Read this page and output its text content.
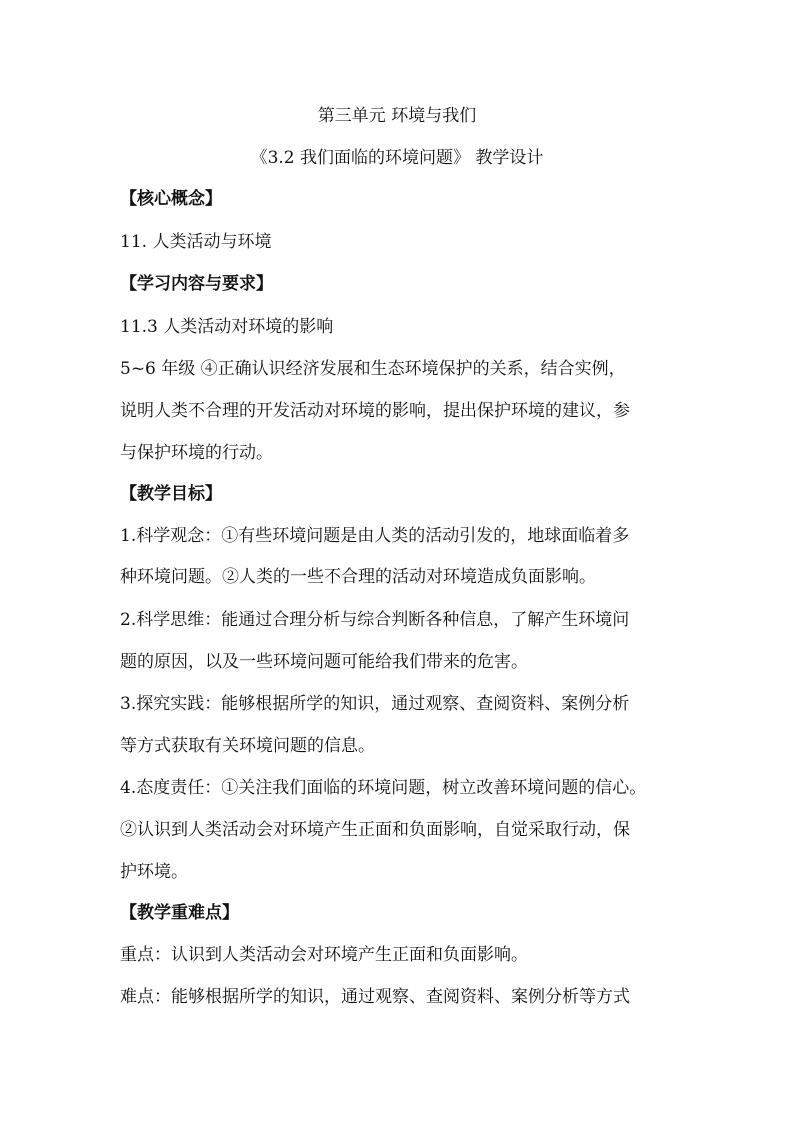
第三单元 环境与我们
《3.2 我们面临的环境问题》 教学设计
【核心概念】
11. 人类活动与环境
【学习内容与要求】
11.3 人类活动对环境的影响
5~6 年级 ④正确认识经济发展和生态环境保护的关系，结合实例，
说明人类不合理的开发活动对环境的影响，提出保护环境的建议，参
与保护环境的行动。
【教学目标】
1.科学观念：①有些环境问题是由人类的活动引发的，地球面临着多
种环境问题。②人类的一些不合理的活动对环境造成负面影响。
2.科学思维：能通过合理分析与综合判断各种信息，了解产生环境问
题的原因，以及一些环境问题可能给我们带来的危害。
3.探究实践：能够根据所学的知识，通过观察、查阅资料、案例分析
等方式获取有关环境问题的信息。
4.态度责任：①关注我们面临的环境问题，树立改善环境问题的信心。
②认识到人类活动会对环境产生正面和负面影响，自觉采取行动，保
护环境。
【教学重难点】
重点：认识到人类活动会对环境产生正面和负面影响。
难点：能够根据所学的知识，通过观察、查阅资料、案例分析等方式
